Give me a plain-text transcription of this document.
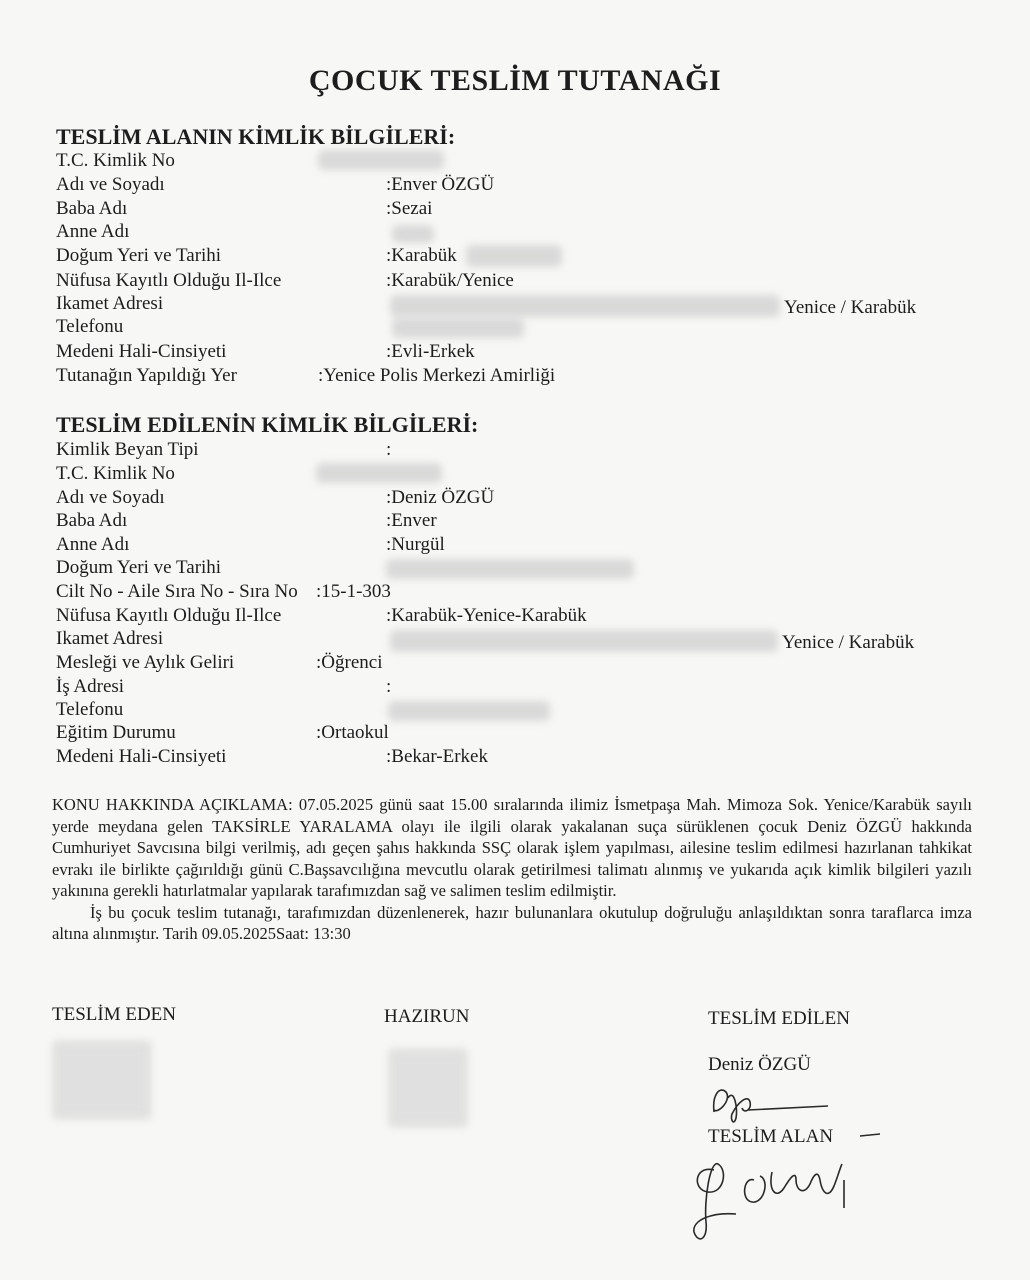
ÇOCUK TESLİM TUTANAĞI
TESLİM ALANIN KİMLİK BİLGİLERİ:
T.C. Kimlik No
Adı ve Soyadı	:Enver ÖZGÜ
Baba Adı	:Sezai
Anne Adı
Doğum Yeri ve Tarihi	:Karabük
Nüfusa Kayıtlı Olduğu Il-Ilce	:Karabük/Yenice
Ikamet Adresi	Yenice / Karabük
Telefonu
Medeni Hali-Cinsiyeti	:Evli-Erkek
Tutanağın Yapıldığı Yer	:Yenice Polis Merkezi Amirliği
TESLİM EDİLENİN KİMLİK BİLGİLERİ:
Kimlik Beyan Tipi	:
T.C. Kimlik No
Adı ve Soyadı	:Deniz ÖZGÜ
Baba Adı	:Enver
Anne Adı	:Nurgül
Doğum Yeri ve Tarihi
Cilt No - Aile Sıra No - Sıra No :15-1-303
Nüfusa Kayıtlı Olduğu Il-Ilce	:Karabük-Yenice-Karabük
Ikamet Adresi	Yenice / Karabük
Mesleği ve Aylık Geliri	:Öğrenci
İş Adresi	:
Telefonu
Eğitim Durumu	:Ortaokul
Medeni Hali-Cinsiyeti	:Bekar-Erkek

KONU HAKKINDA AÇIKLAMA: 07.05.2025 günü saat 15.00 sıralarında ilimiz İsmetpaşa Mah. Mimoza Sok. Yenice/Karabük sayılı yerde meydana gelen TAKSİRLE YARALAMA olayı ile ilgili olarak yakalanan suça sürüklenen çocuk Deniz ÖZGÜ hakkında Cumhuriyet Savcısına bilgi verilmiş, adı geçen şahıs hakkında SSÇ olarak işlem yapılması, ailesine teslim edilmesi hazırlanan tahkikat evrakı ile birlikte çağırıldığı günü C.Başsavcılığına mevcutlu olarak getirilmesi talimatı alınmış ve yukarıda açık kimlik bilgileri yazılı yakınına gerekli hatırlatmalar yapılarak tarafımızdan sağ ve salimen teslim edilmiştir.

İş bu çocuk teslim tutanağı, tarafımızdan düzenlenerek, hazır bulunanlara okutulup doğruluğu anlaşıldıktan sonra taraflarca imza altına alınmıştır. Tarih 09.05.2025Saat: 13:30

TESLİM EDEN	HAZIRUN	TESLİM EDİLEN
Deniz ÖZGÜ
TESLİM ALAN
